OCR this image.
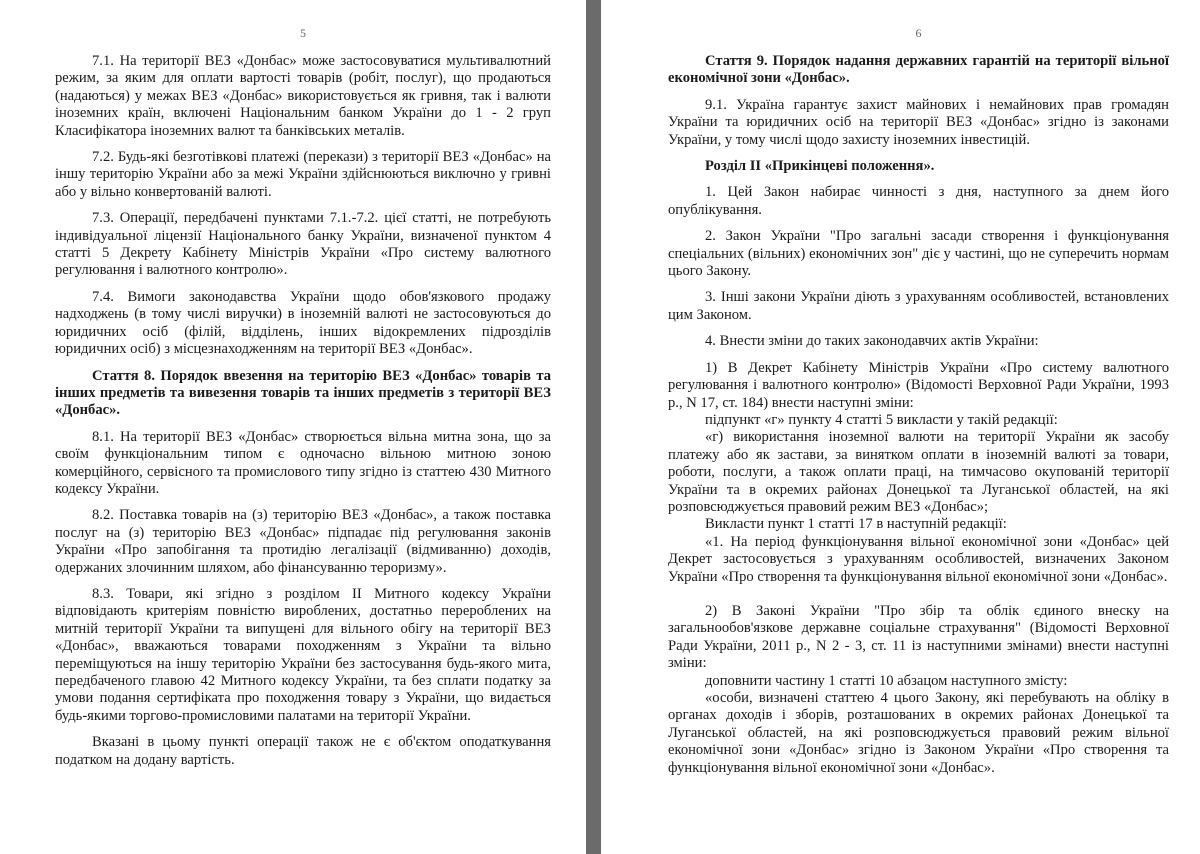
5

7.1. На території ВЕЗ «Донбас» може застосовуватися мультивалютний режим, за яким для оплати вартості товарів (робіт, послуг), що продаються (надаються) у межах ВЕЗ «Донбас» використовується як гривня, так і валюти іноземних країн, включені Національним банком України до 1 - 2 груп Класифікатора іноземних валют та банківських металів.

7.2. Будь-які безготівкові платежі (перекази) з території ВЕЗ «Донбас» на іншу територію України або за межі України здійснюються виключно у гривні або у вільно конвертованій валюті.

7.3. Операції, передбачені пунктами 7.1.-7.2. цієї статті, не потребують індивідуальної ліцензії Національного банку України, визначеної пунктом 4 статті 5 Декрету Кабінету Міністрів України «Про систему валютного регулювання і валютного контролю».

7.4. Вимоги законодавства України щодо обов'язкового продажу надходжень (в тому числі виручки) в іноземній валюті не застосовуються до юридичних осіб (філій, відділень, інших відокремлених підрозділів юридичних осіб) з місцезнаходженням на території ВЕЗ «Донбас».

Стаття 8. Порядок ввезення на територію ВЕЗ «Донбас» товарів та інших предметів та вивезення товарів та інших предметів з території ВЕЗ «Донбас».

8.1. На території ВЕЗ «Донбас» створюється вільна митна зона, що за своїм функціональним типом є одночасно вільною митною зоною комерційного, сервісного та промислового типу згідно із статтею 430 Митного кодексу України.

8.2. Поставка товарів на (з) територію ВЕЗ «Донбас», а також поставка послуг на (з) територію ВЕЗ «Донбас» підпадає під регулювання законів України «Про запобігання та протидію легалізації (відмиванню) доходів, одержаних злочинним шляхом, або фінансуванню тероризму».

8.3. Товари, які згідно з розділом II Митного кодексу України відповідають критеріям повністю вироблених, достатньо перероблених на митній території України та випущені для вільного обігу на території ВЕЗ «Донбас», вважаються товарами походженням з України та вільно переміщуються на іншу територію України без застосування будь-якого мита, передбаченого главою 42 Митного кодексу України, та без сплати податку за умови подання сертифіката про походження товару з України, що видається будь-якими торгово-промисловими палатами на території України.

Вказані в цьому пункті операції також не є об'єктом оподаткування податком на додану вартість.

6

Стаття 9. Порядок надання державних гарантій на території вільної економічної зони «Донбас».

9.1. Україна гарантує захист майнових і немайнових прав громадян України та юридичних осіб на території ВЕЗ «Донбас» згідно із законами України, у тому числі щодо захисту іноземних інвестицій.

Розділ II «Прикінцеві положення».

1. Цей Закон набирає чинності з дня, наступного за днем його опублікування.

2. Закон України "Про загальні засади створення і функціонування спеціальних (вільних) економічних зон" діє у частині, що не суперечить нормам цього Закону.

3. Інші закони України діють з урахуванням особливостей, встановлених цим Законом.

4. Внести зміни до таких законодавчих актів України:

1) В Декрет Кабінету Міністрів України «Про систему валютного регулювання і валютного контролю» (Відомості Верховної Ради України, 1993 р., N 17, ст. 184) внести наступні зміни:

підпункт «г» пункту 4 статті 5 викласти у такій редакції:

«г) використання іноземної валюти на території України як засобу платежу або як застави, за винятком оплати в іноземній валюті за товари, роботи, послуги, а також оплати праці, на тимчасово окупованій території України та в окремих районах Донецької та Луганської областей, на які розповсюджується правовий режим ВЕЗ «Донбас»;

Викласти пункт 1 статті 17 в наступній редакції:

«1. На період функціонування вільної економічної зони «Донбас» цей Декрет застосовується з урахуванням особливостей, визначених Законом України «Про створення та функціонування вільної економічної зони «Донбас».

2) В Законі України "Про збір та облік єдиного внеску на загальнообов'язкове державне соціальне страхування" (Відомості Верховної Ради України, 2011 р., N 2 - 3, ст. 11 із наступними змінами) внести наступні зміни:

доповнити частину 1 статті 10 абзацом наступного змісту:

«особи, визначені статтею 4 цього Закону, які перебувають на обліку в органах доходів і зборів, розташованих в окремих районах Донецької та Луганської областей, на які розповсюджується правовий режим вільної економічної зони «Донбас» згідно із Законом України «Про створення та функціонування вільної економічної зони «Донбас».
